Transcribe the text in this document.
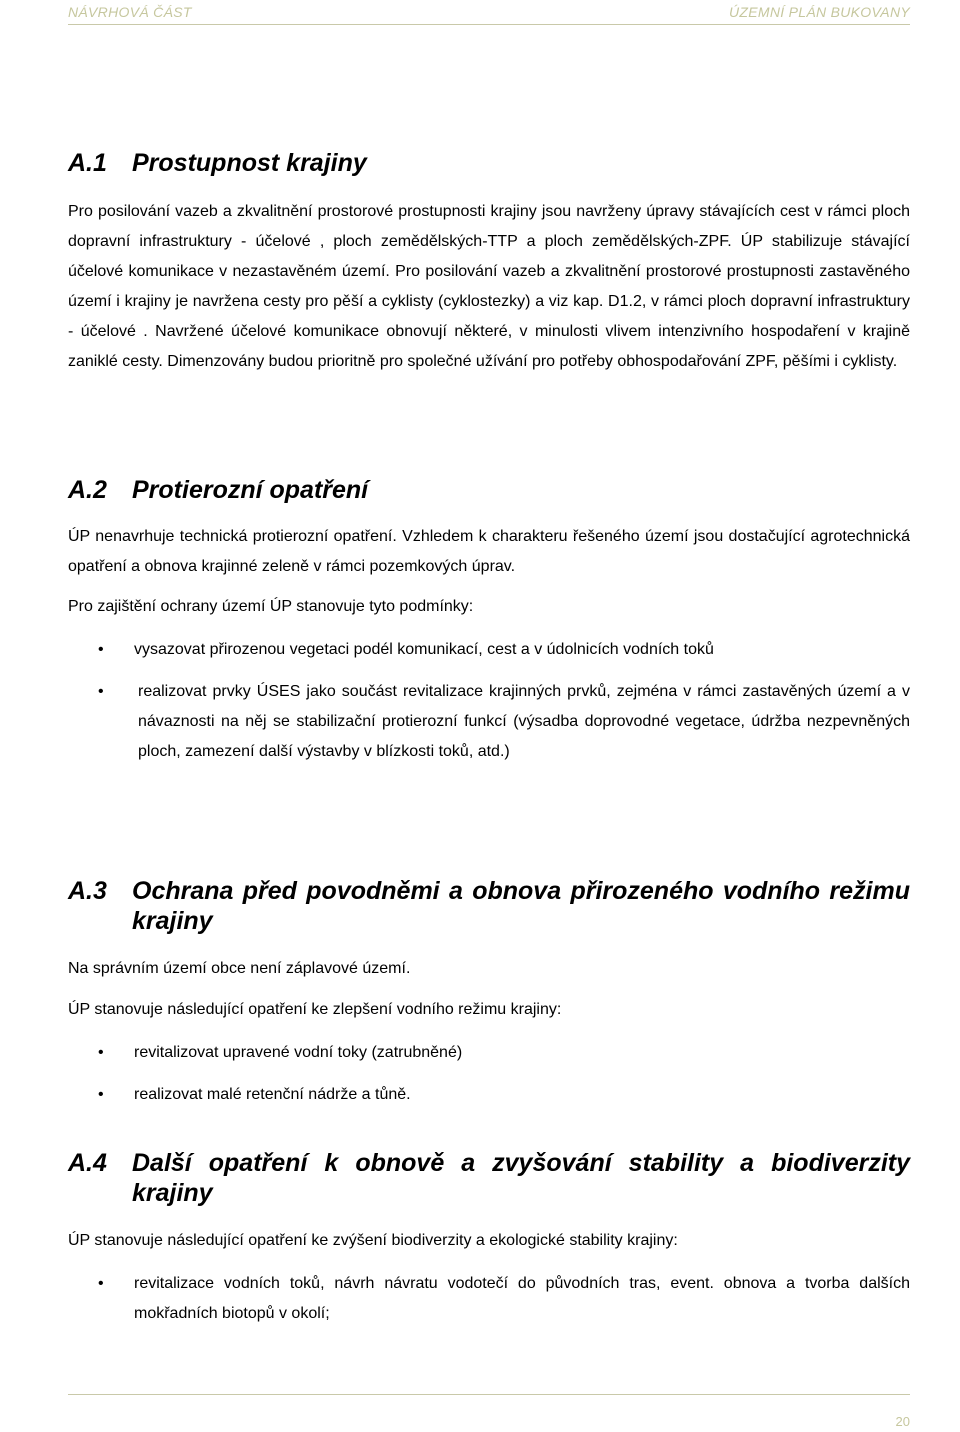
NÁVRHOVÁ ČÁST	ÚZEMNÍ PLÁN BUKOVANY
A.1 Prostupnost krajiny
Pro posilování vazeb a zkvalitnění prostorové prostupnosti krajiny jsou navrženy úpravy stávajících cest v rámci ploch dopravní infrastruktury - účelové , ploch zemědělských-TTP a ploch zemědělských-ZPF. ÚP stabilizuje stávající účelové komunikace v nezastavěném území. Pro posilování vazeb a zkvalitnění prostorové prostupnosti zastavěného území i krajiny je navržena cesty pro pěší a cyklisty (cyklostezky) a viz kap. D1.2, v rámci ploch dopravní infrastruktury - účelové . Navržené účelové komunikace obnovují některé, v minulosti vlivem intenzivního hospodaření v krajině zaniklé cesty. Dimenzovány budou prioritně pro společné užívání pro potřeby obhospodařování ZPF, pěšími i cyklisty.
A.2 Protierozní opatření
ÚP nenavrhuje technická protierozní opatření. Vzhledem k charakteru řešeného území jsou dostačující agrotechnická opatření a obnova krajinné zeleně v rámci pozemkových úprav.
Pro zajištění ochrany území ÚP stanovuje tyto podmínky:
• vysazovat přirozenou vegetaci podél komunikací, cest a v údolnicích vodních toků
• realizovat prvky ÚSES jako součást revitalizace krajinných prvků, zejména v rámci zastavěných území a v návaznosti na něj se stabilizační protierozní funkcí (výsadba doprovodné vegetace, údržba nezpevněných ploch, zamezení další výstavby v blízkosti toků, atd.)
A.3 Ochrana před povodněmi a obnova přirozeného vodního režimu krajiny
Na správním území obce není záplavové území.
ÚP stanovuje následující opatření ke zlepšení vodního režimu krajiny:
• revitalizovat upravené vodní toky (zatrubněné)
• realizovat malé retenční nádrže a tůně.
A.4 Další opatření k obnově a zvyšování stability a biodiverzity krajiny
ÚP stanovuje následující opatření ke zvýšení biodiverzity a ekologické stability krajiny:
• revitalizace vodních toků, návrh návratu vodotečí do původních tras, event. obnova a tvorba dalších mokřadních biotopů v okolí;
20
